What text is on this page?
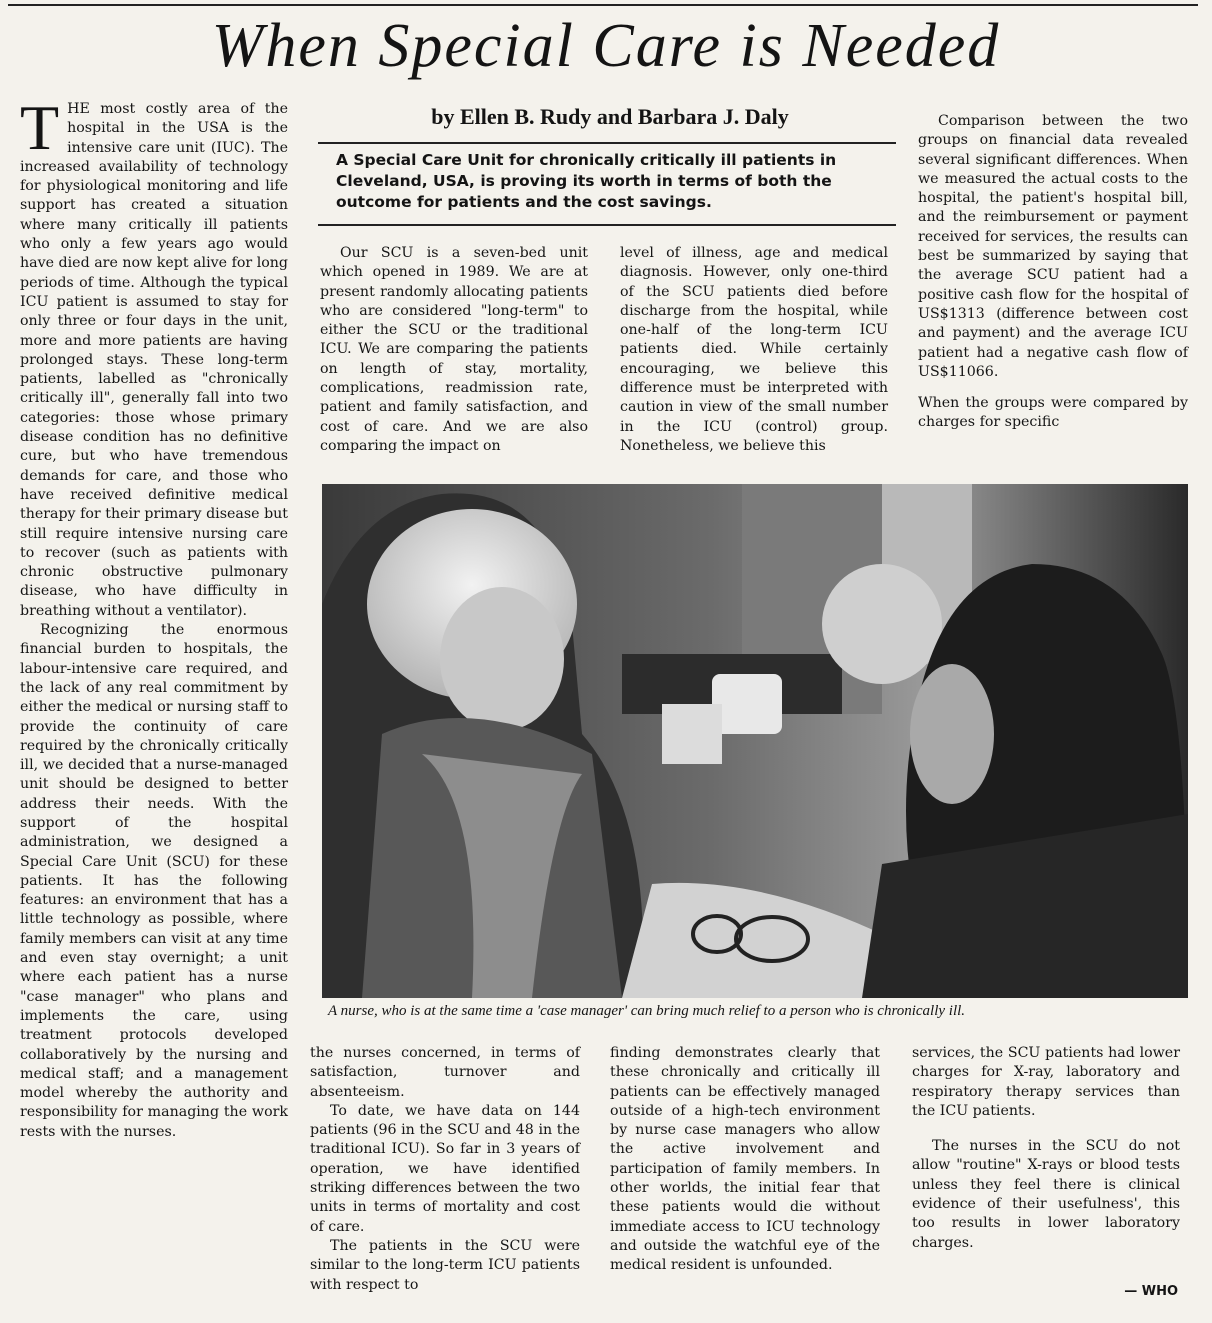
When Special Care is Needed

THE most costly area of the hospital in the USA is the intensive care unit (IUC). The increased availability of technology for physiological monitoring and life support has created a situation where many critically ill patients who only a few years ago would have died are now kept alive for long periods of time. Although the typical ICU patient is assumed to stay for only three or four days in the unit, more and more patients are having prolonged stays. These long-term patients, labelled as "chronically critically ill", generally fall into two categories: those whose primary disease condition has no definitive cure, but who have tremendous demands for care, and those who have received definitive medical therapy for their primary disease but still require intensive nursing care to recover (such as patients with chronic obstructive pulmonary disease, who have difficulty in breathing without a ventilator).

Recognizing the enormous financial burden to hospitals, the labour-intensive care required, and the lack of any real commitment by either the medical or nursing staff to provide the continuity of care required by the chronically critically ill, we decided that a nurse-managed unit should be designed to better address their needs. With the support of the hospital administration, we designed a Special Care Unit (SCU) for these patients. It has the following features: an environment that has a little technology as possible, where family members can visit at any time and even stay overnight; a unit where each patient has a nurse "case manager" who plans and implements the care, using treatment protocols developed collaboratively by the nursing and medical staff; and a management model whereby the authority and responsibility for managing the work rests with the nurses.

by Ellen B. Rudy and Barbara J. Daly

A Special Care Unit for chronically critically ill patients in Cleveland, USA, is proving its worth in terms of both the outcome for patients and the cost savings.

Our SCU is a seven-bed unit which opened in 1989. We are at present randomly allocating patients who are considered "long-term" to either the SCU or the traditional ICU. We are comparing the patients on length of stay, mortality, complications, readmission rate, patient and family satisfaction, and cost of care. And we are also comparing the impact on

level of illness, age and medical diagnosis. However, only one-third of the SCU patients died before discharge from the hospital, while one-half of the long-term ICU patients died. While certainly encouraging, we believe this difference must be interpreted with caution in view of the small number in the ICU (control) group. Nonetheless, we believe this

Comparison between the two groups on financial data revealed several significant differences. When we measured the actual costs to the hospital, the patient's hospital bill, and the reimbursement or payment received for services, the results can best be summarized by saying that the average SCU patient had a positive cash flow for the hospital of US$1313 (difference between cost and payment) and the average ICU patient had a negative cash flow of US$11066.

When the groups were compared by charges for specific

A nurse, who is at the same time a 'case manager' can bring much relief to a person who is chronically ill.

the nurses concerned, in terms of satisfaction, turnover and absenteeism.

To date, we have data on 144 patients (96 in the SCU and 48 in the traditional ICU). So far in 3 years of operation, we have identified striking differences between the two units in terms of mortality and cost of care.

The patients in the SCU were similar to the long-term ICU patients with respect to

finding demonstrates clearly that these chronically and critically ill patients can be effectively managed outside of a high-tech environment by nurse case managers who allow the active involvement and participation of family members. In other worlds, the initial fear that these patients would die without immediate access to ICU technology and outside the watchful eye of the medical resident is unfounded.

services, the SCU patients had lower charges for X-ray, laboratory and respiratory therapy services than the ICU patients.

The nurses in the SCU do not allow "routine" X-rays or blood tests unless they feel there is clinical evidence of their usefulness', this too results in lower laboratory charges.

— WHO
